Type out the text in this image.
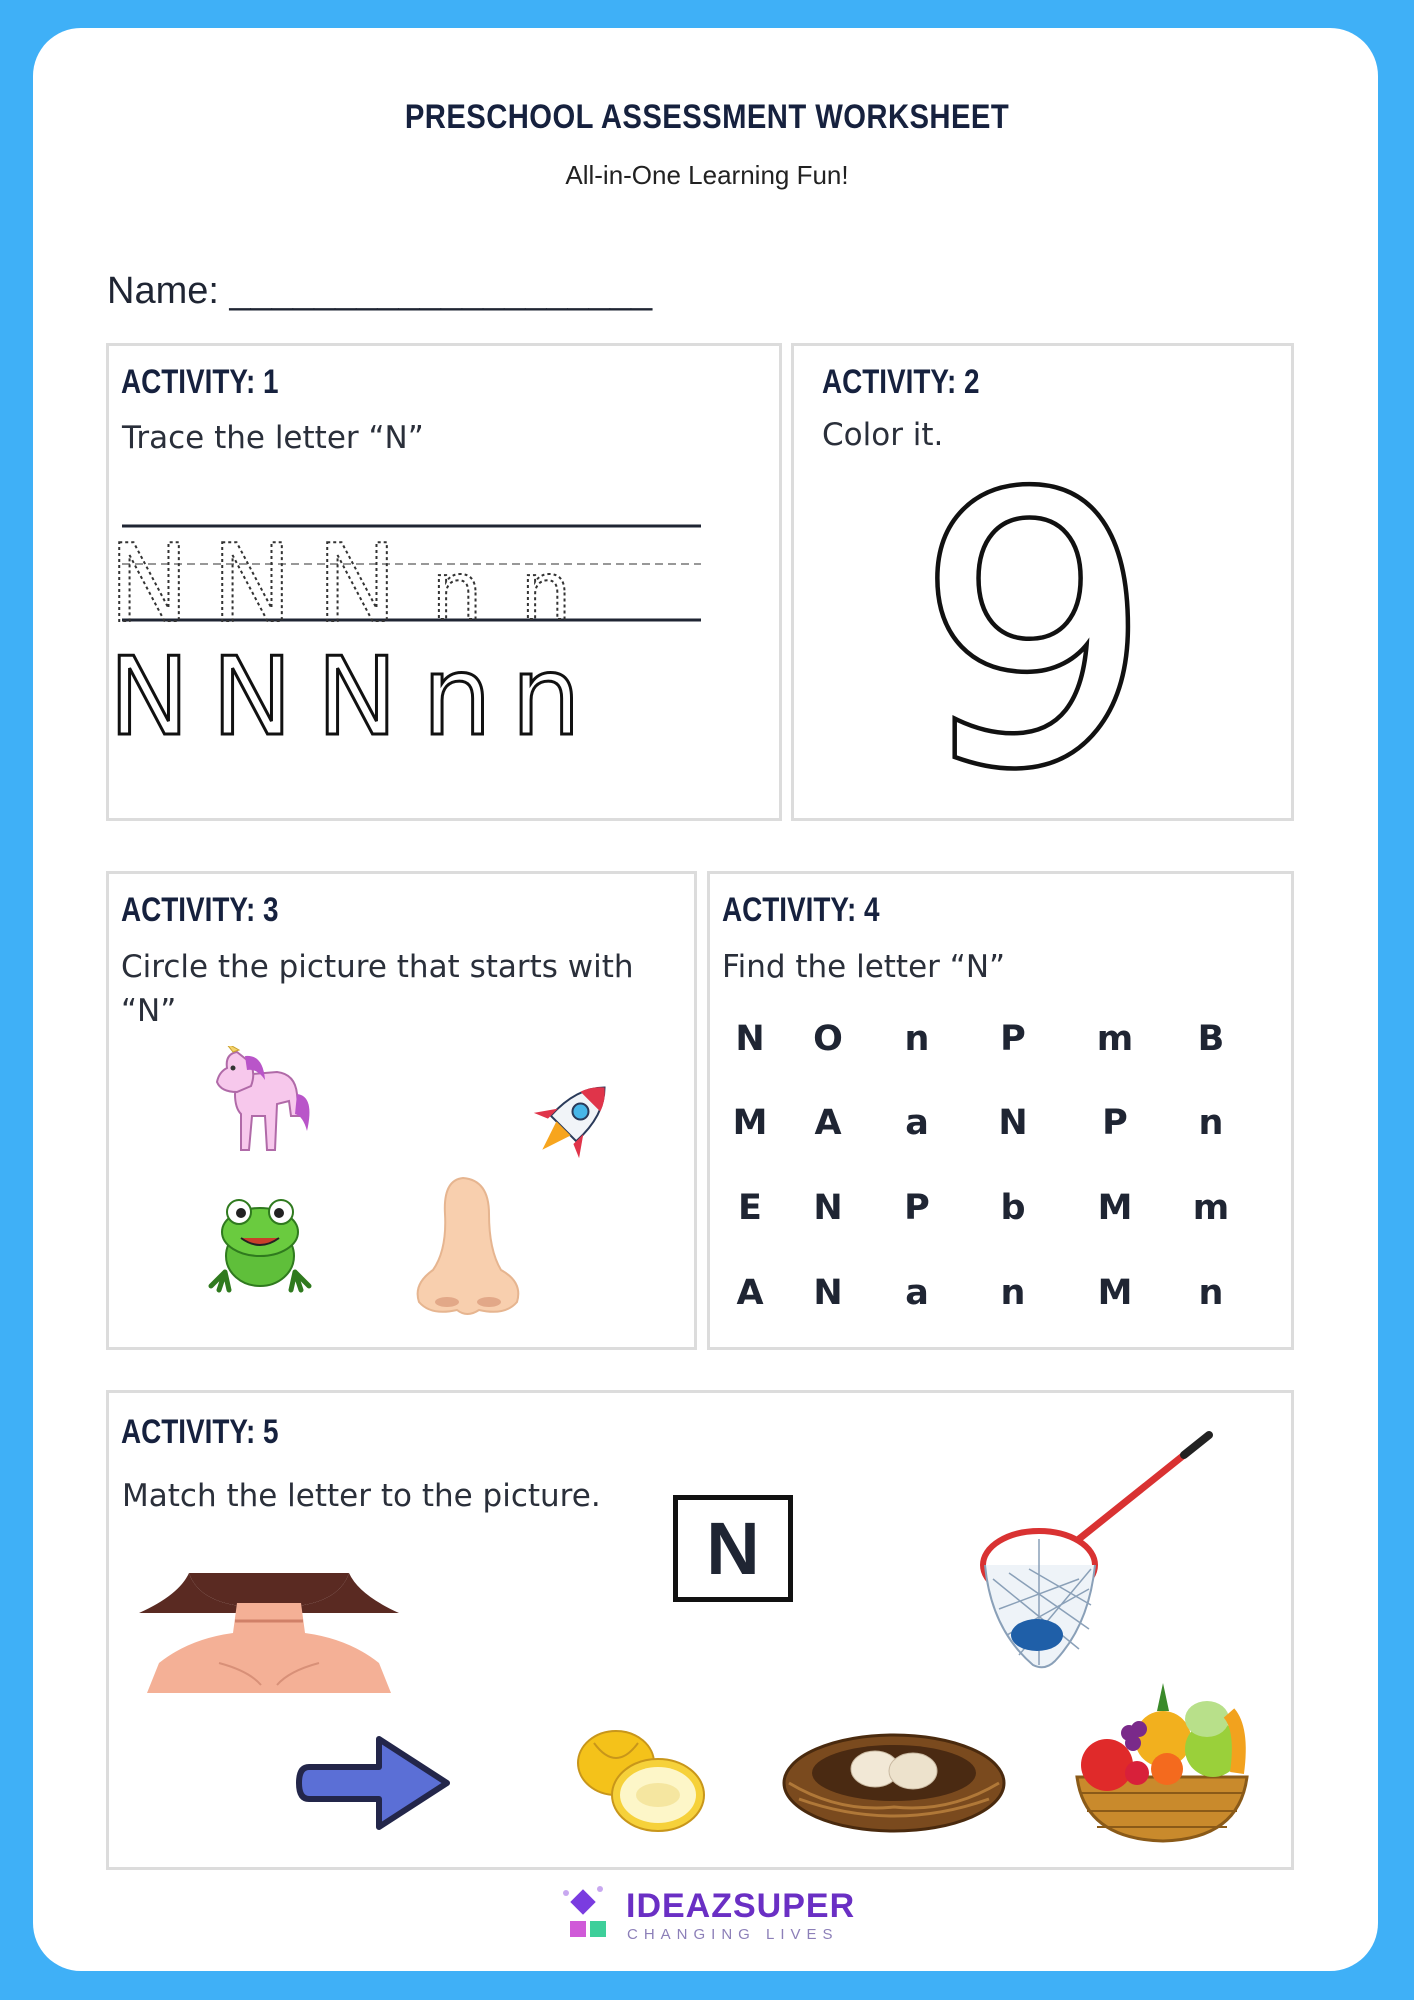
PRESCHOOL ASSESSMENT WORKSHEET
All-in-One Learning Fun!
Name: ____________________
ACTIVITY: 1
Trace the letter “N”
N N N n n
N N N n n
ACTIVITY: 2
Color it.
9
ACTIVITY: 3
Circle the picture that starts with “N”
ACTIVITY: 4
Find the letter “N”
N	O	n	P	m	B
M	A	a	N	P	n
E	N	P	b	M	m
A	N	a	n	M	n
ACTIVITY: 5
Match the letter to the picture.
N
IDEAZSUPER
CHANGING LIVES
